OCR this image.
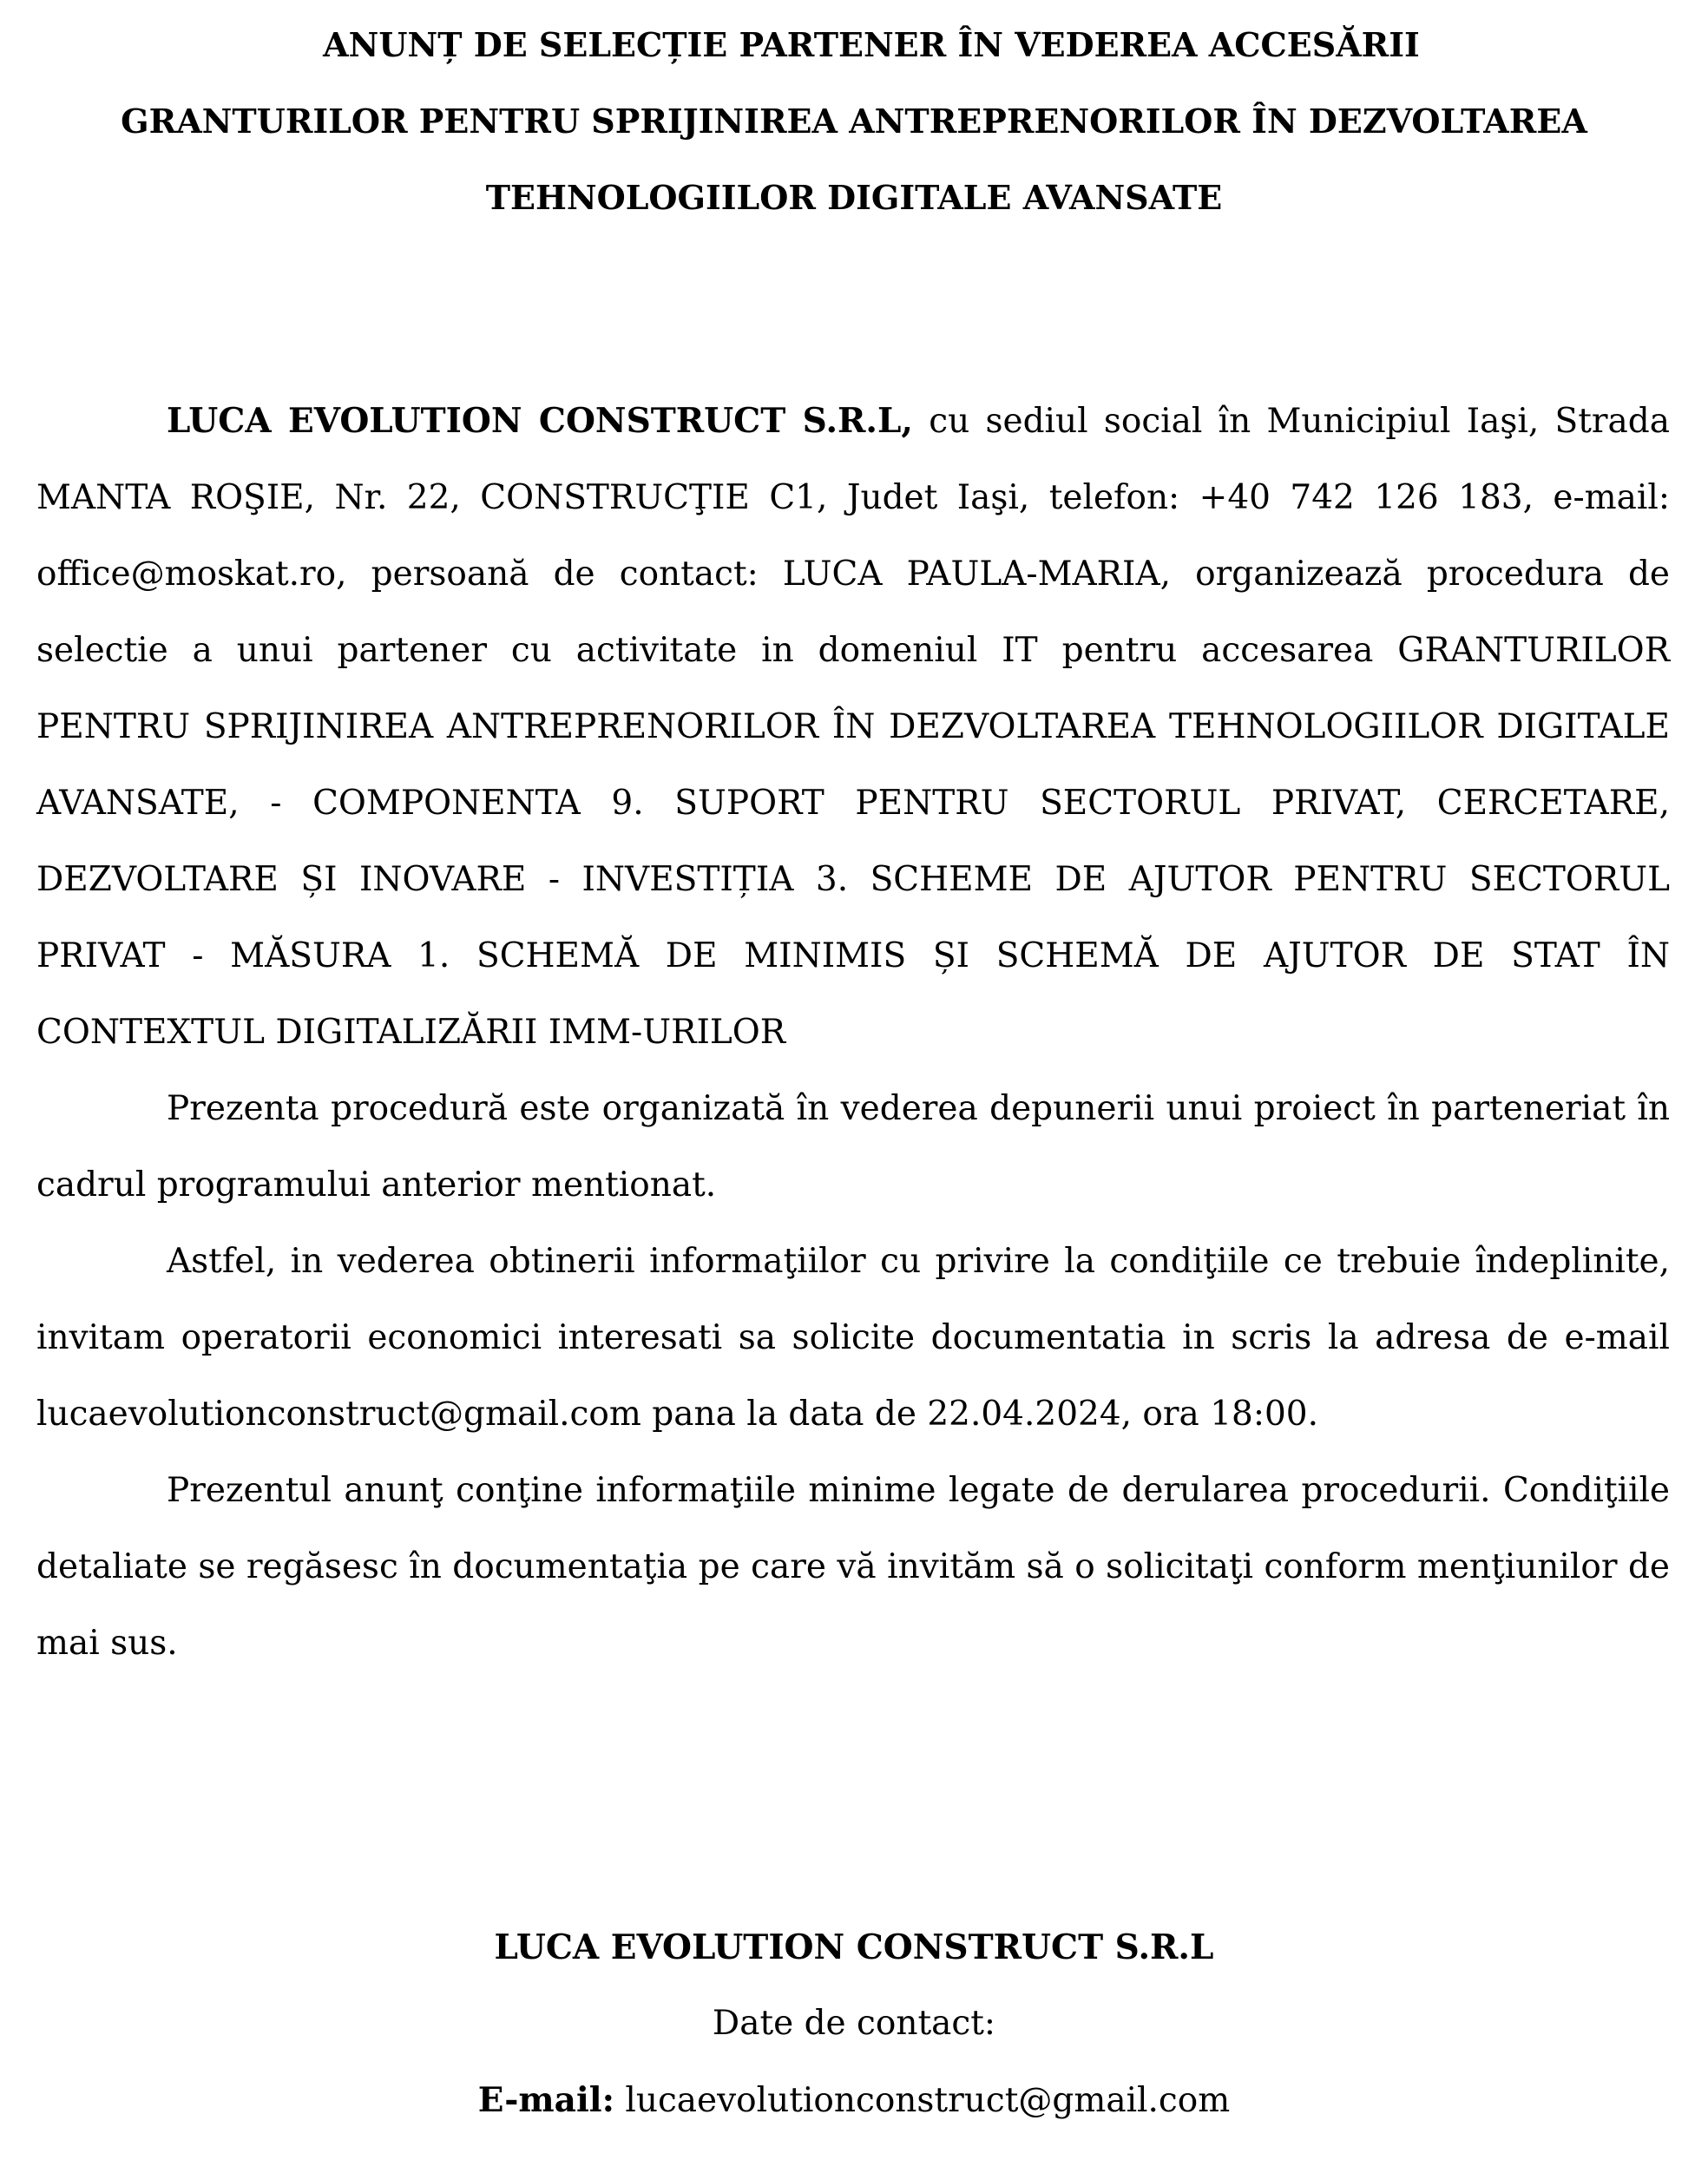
ANUNȚ DE SELECȚIE PARTENER ÎN VEDEREA ACCESĂRII
GRANTURILOR PENTRU SPRIJINIREA ANTREPRENORILOR ÎN DEZVOLTAREA
TEHNOLOGIILOR DIGITALE AVANSATE

LUCA EVOLUTION CONSTRUCT S.R.L, cu sediul social în Municipiul Iaşi, Strada MANTA ROŞIE, Nr. 22, CONSTRUCŢIE C1, Judet Iaşi, telefon: +40 742 126 183, e-mail: office@moskat.ro, persoană de contact: LUCA PAULA-MARIA, organizează procedura de selectie a unui partener cu activitate in domeniul IT pentru accesarea GRANTURILOR PENTRU SPRIJINIREA ANTREPRENORILOR ÎN DEZVOLTAREA TEHNOLOGIILOR DIGITALE AVANSATE, - COMPONENTA 9. SUPORT PENTRU SECTORUL PRIVAT, CERCETARE, DEZVOLTARE ȘI INOVARE - INVESTIȚIA 3. SCHEME DE AJUTOR PENTRU SECTORUL PRIVAT - MĂSURA 1. SCHEMĂ DE MINIMIS ȘI SCHEMĂ DE AJUTOR DE STAT ÎN CONTEXTUL DIGITALIZĂRII IMM-URILOR

Prezenta procedură este organizată în vederea depunerii unui proiect în parteneriat în cadrul programului anterior mentionat.

Astfel, in vederea obtinerii informaţiilor cu privire la condiţiile ce trebuie îndeplinite, invitam operatorii economici interesati sa solicite documentatia in scris la adresa de e-mail lucaevolutionconstruct@gmail.com pana la data de 22.04.2024, ora 18:00.

Prezentul anunţ conţine informaţiile minime legate de derularea procedurii. Condiţiile detaliate se regăsesc în documentaţia pe care vă invităm să o solicitaţi conform menţiunilor de mai sus.

LUCA EVOLUTION CONSTRUCT S.R.L
Date de contact:
E-mail: lucaevolutionconstruct@gmail.com
